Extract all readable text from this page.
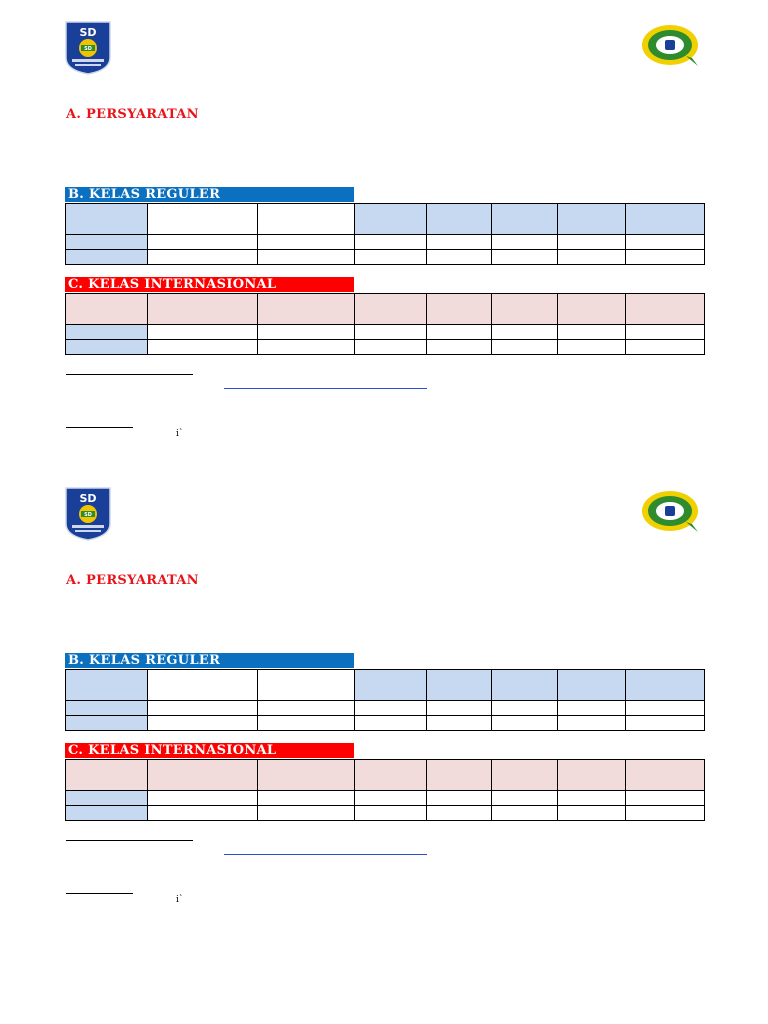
SD
SD
A. PERSYARATAN
B. KELAS REGULER

C. KELAS INTERNASIONAL

i`
SD
SD
A. PERSYARATAN
B. KELAS REGULER

C. KELAS INTERNASIONAL

i`
